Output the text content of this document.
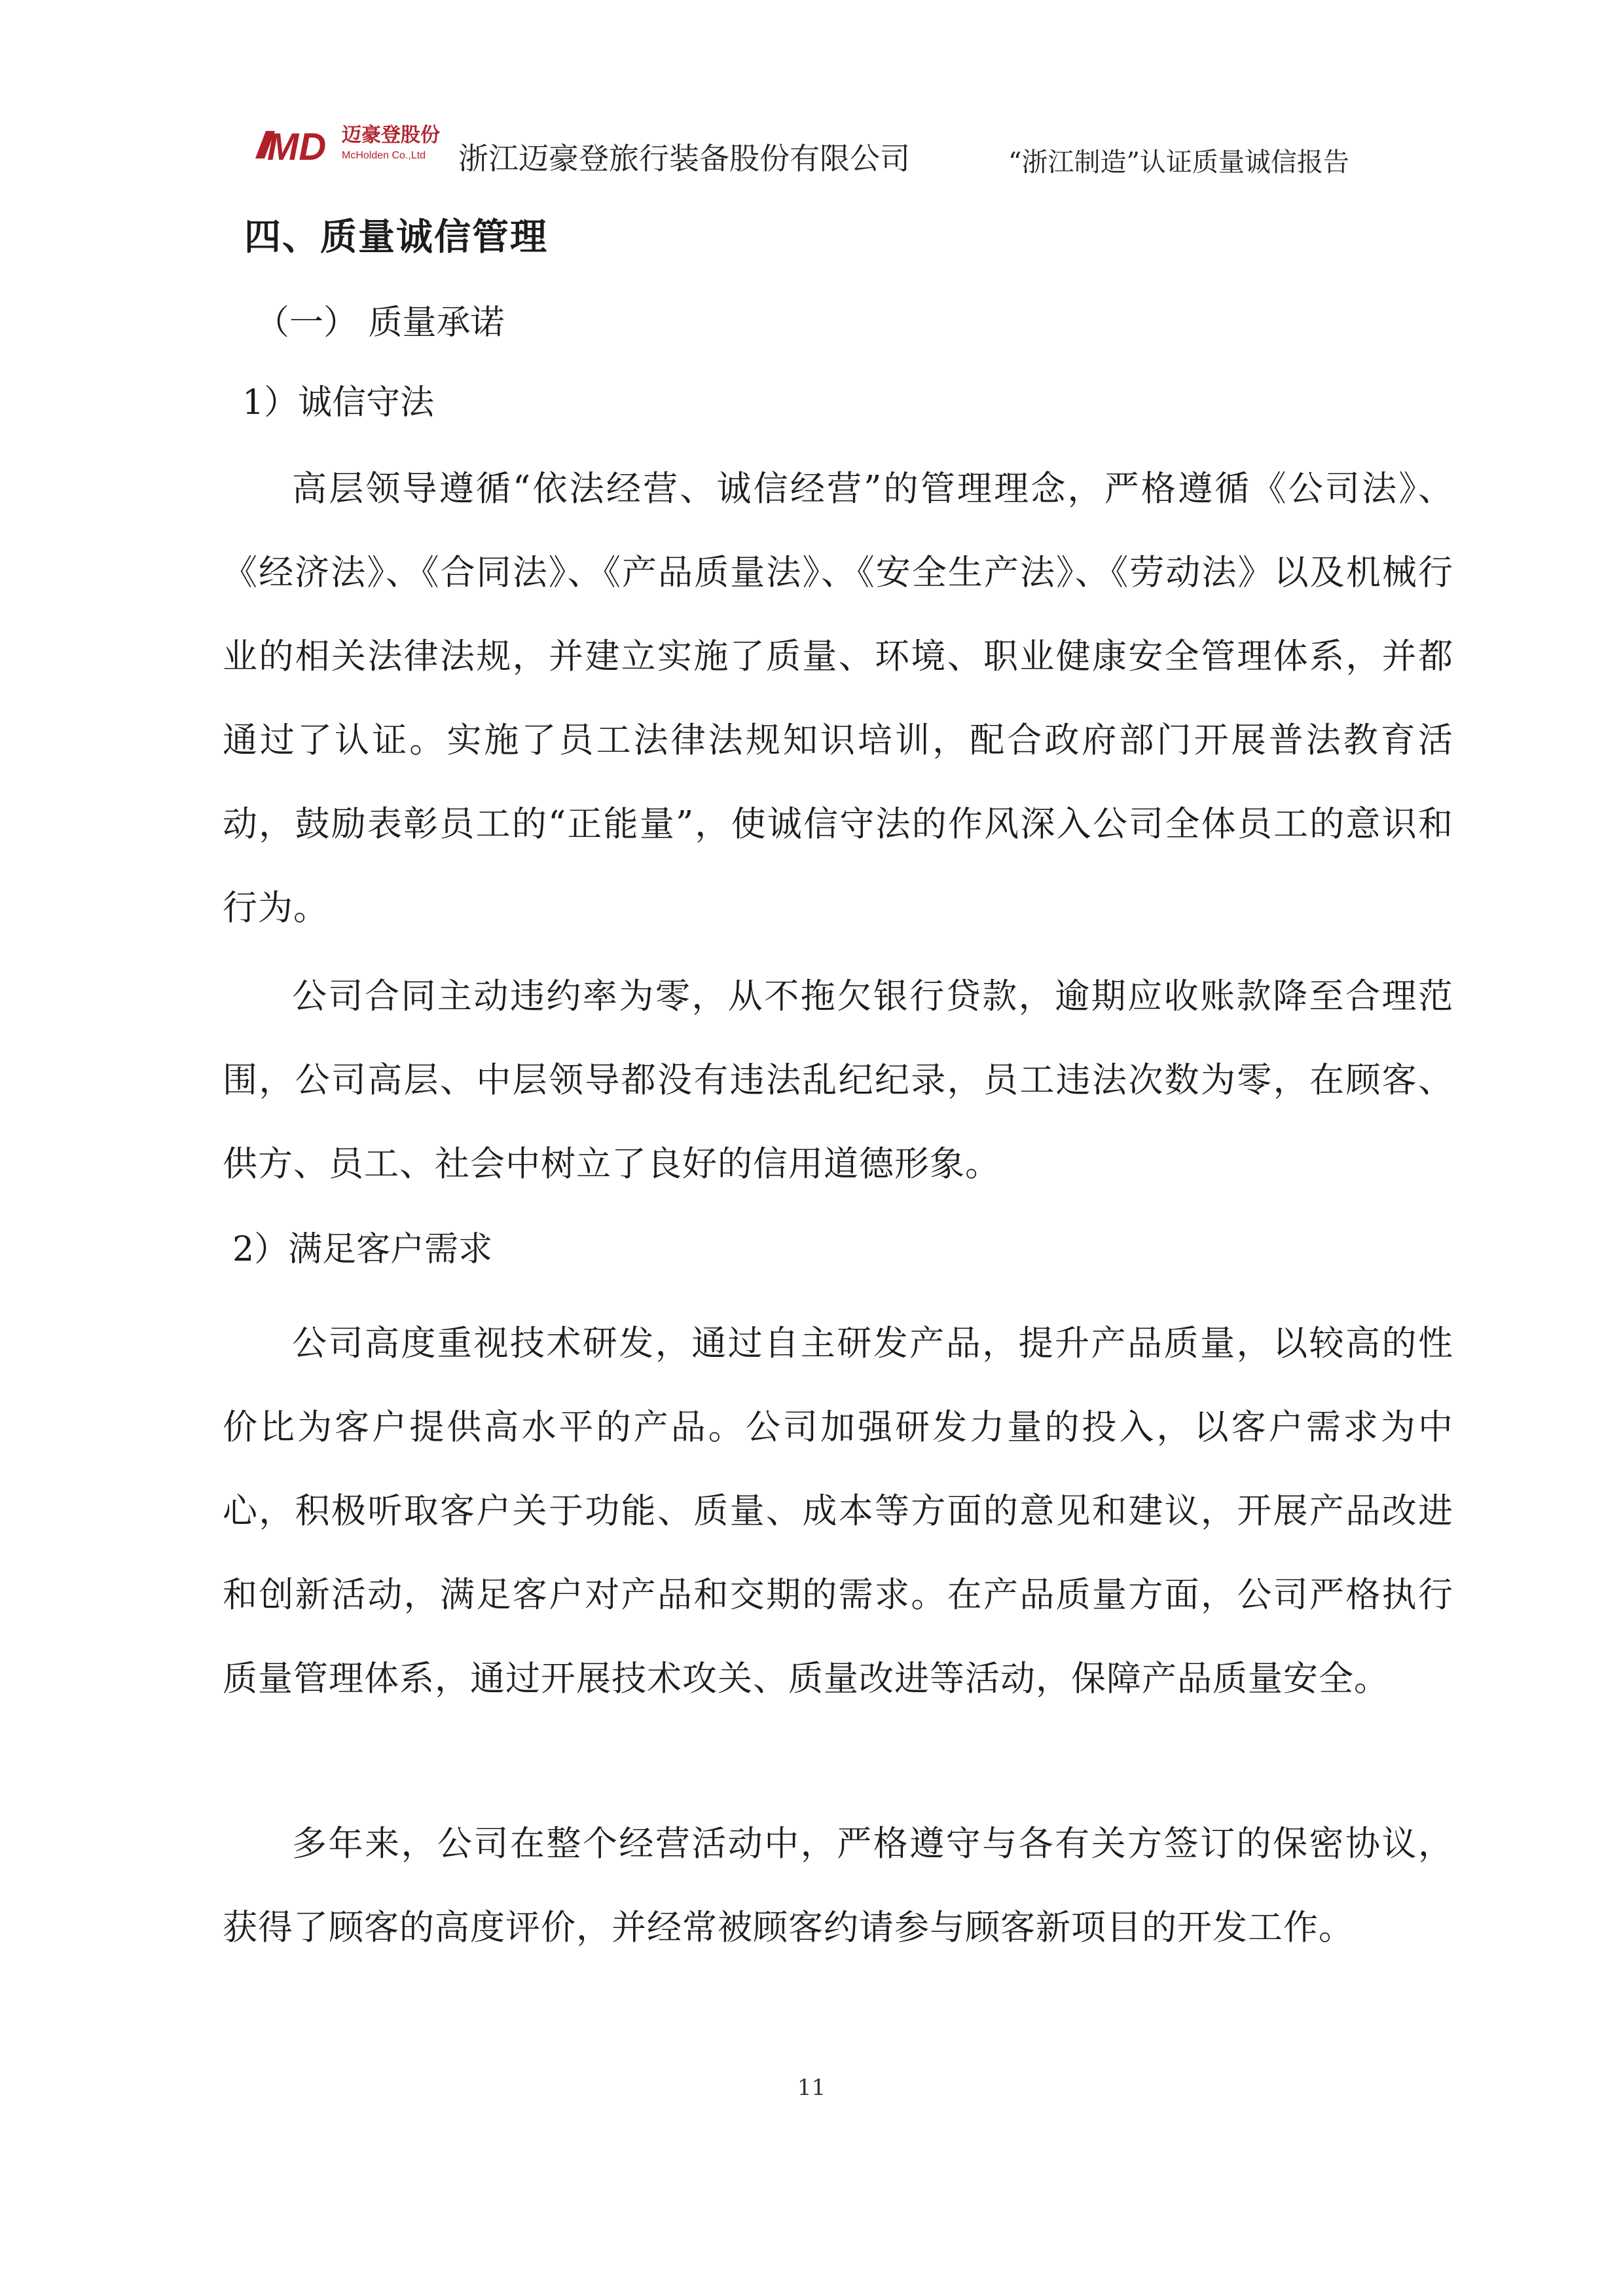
MD 迈豪登股份
McHolden Co.,Ltd 浙江迈豪登旅行装备股份有限公司	“浙江制造”认证质量诚信报告
四、质量诚信管理
（一） 质量承诺
1）诚信守法
高层领导遵循“依法经营、诚信经营”的管理理念，严格遵循《公司法》、《经济法》、《合同法》、《产品质量法》、《安全生产法》、《劳动法》以及机械行业的相关法律法规，并建立实施了质量、环境、职业健康安全管理体系，并都通过了认证。实施了员工法律法规知识培训，配合政府部门开展普法教育活动，鼓励表彰员工的“正能量”，使诚信守法的作风深入公司全体员工的意识和行为。
公司合同主动违约率为零，从不拖欠银行贷款，逾期应收账款降至合理范围，公司高层、中层领导都没有违法乱纪纪录，员工违法次数为零，在顾客、供方、员工、社会中树立了良好的信用道德形象。
2）满足客户需求
公司高度重视技术研发，通过自主研发产品，提升产品质量，以较高的性价比为客户提供高水平的产品。公司加强研发力量的投入，以客户需求为中心，积极听取客户关于功能、质量、成本等方面的意见和建议，开展产品改进和创新活动，满足客户对产品和交期的需求。在产品质量方面，公司严格执行质量管理体系，通过开展技术攻关、质量改进等活动，保障产品质量安全。
多年来，公司在整个经营活动中，严格遵守与各有关方签订的保密协议，获得了顾客的高度评价，并经常被顾客约请参与顾客新项目的开发工作。
11
